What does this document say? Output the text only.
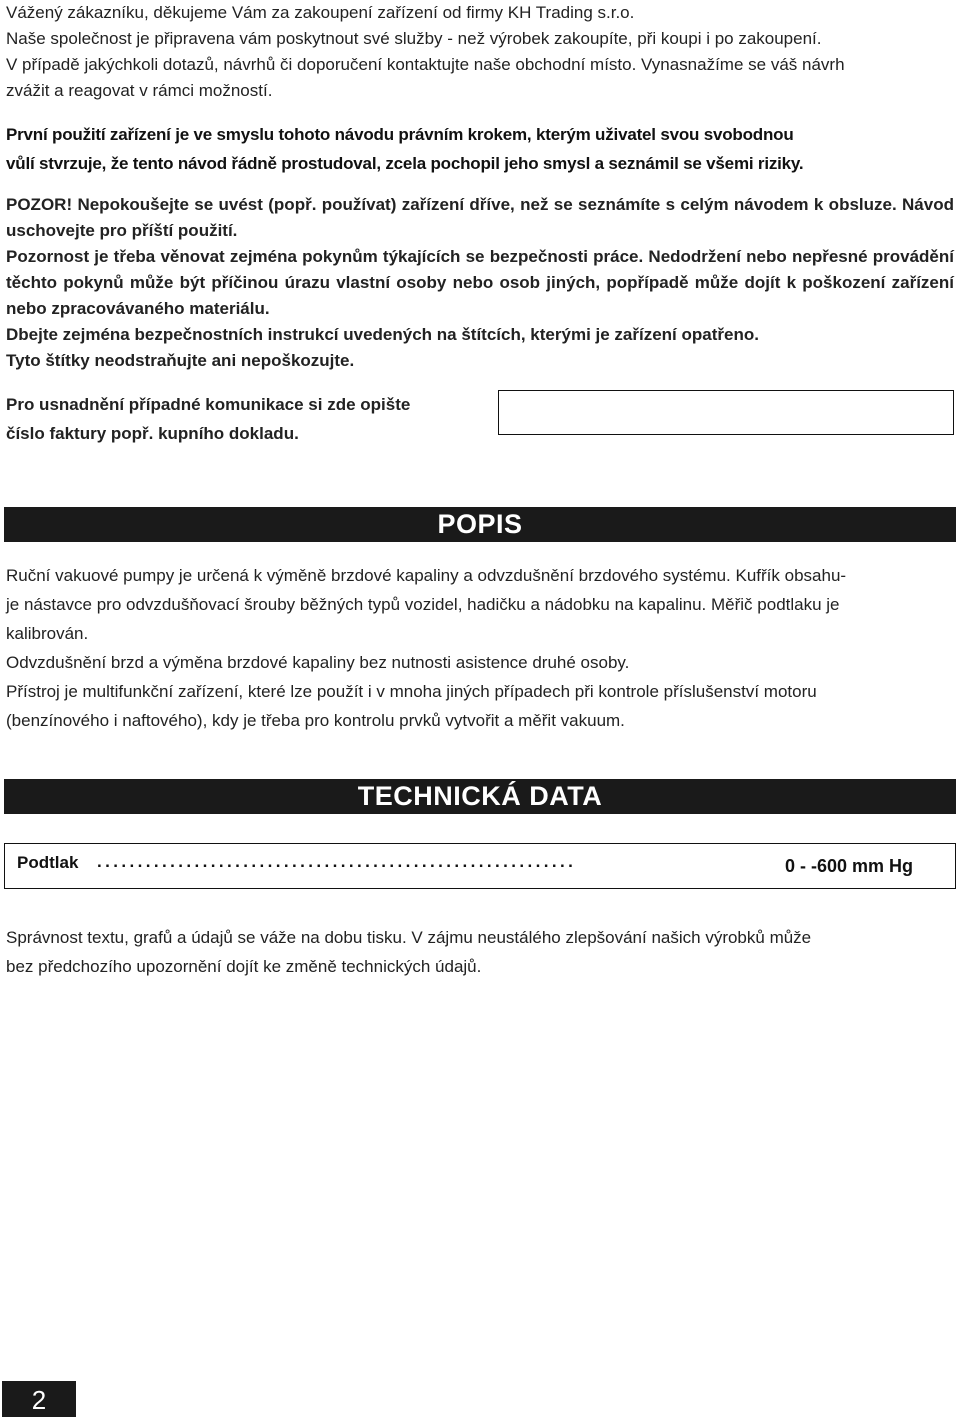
Vážený zákazníku, děkujeme Vám za zakoupení zařízení od firmy KH Trading s.r.o.

Naše společnost je připravena vám poskytnout své služby - než výrobek zakoupíte, při koupi i po zakoupení.

V případě jakýchkoli dotazů, návrhů či doporučení kontaktujte naše obchodní místo. Vynasnažíme se váš návrh

zvážit a reagovat v rámci možností.

První použití zařízení je ve smyslu tohoto návodu právním krokem, kterým uživatel svou svobodnou

vůlí stvrzuje, že tento návod řádně prostudoval, zcela pochopil jeho smysl a seznámil se všemi riziky.

POZOR! Nepokoušejte se uvést (popř. používat) zařízení dříve, než se seznámíte s celým návodem k obsluze. Návod uschovejte pro příští použití.

Pozornost je třeba věnovat zejména pokynům týkajících se bezpečnosti práce. Nedodržení nebo nepřesné provádění těchto pokynů může být příčinou úrazu vlastní osoby nebo osob jiných, popřípadě může dojít k poškození zařízení nebo zpracovávaného materiálu.

Dbejte zejména bezpečnostních instrukcí uvedených na štítcích, kterými je zařízení opatřeno.

Tyto štítky neodstraňujte ani nepoškozujte.

Pro usnadnění případné komunikace si zde opište
číslo faktury popř. kupního dokladu.
POPIS

Ruční vakuové pumpy je určená k výměně brzdové kapaliny a odvzdušnění brzdového systému. Kufřík obsahu-

je nástavce pro odvzdušňovací šrouby běžných typů vozidel, hadičku a nádobku na kapalinu. Měřič podtlaku je

kalibrován.

Odvzdušnění brzd a výměna brzdové kapaliny bez nutnosti asistence druhé osoby.

Přístroj je multifunkční zařízení, které lze použít i v mnoha jiných případech při kontrole příslušenství motoru

(benzínového i naftového), kdy je třeba pro kontrolu prvků vytvořit a měřit vakuum.

TECHNICKÁ DATA
Podtlak ...........................................................	0 - -600 mm Hg

Správnost textu, grafů a údajů se váže na dobu tisku. V zájmu neustálého zlepšování našich výrobků může

bez předchozího upozornění dojít ke změně technických údajů.

2
